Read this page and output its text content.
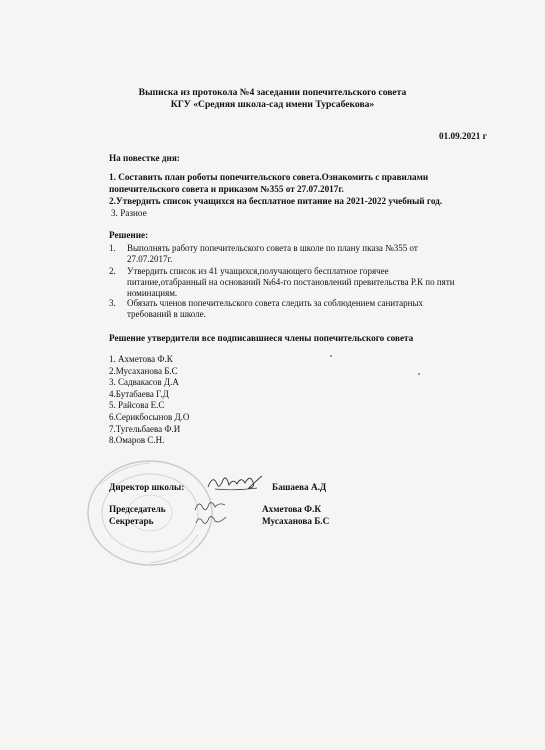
Выписка из протокола №4 заседании попечительского совета
КГУ «Средняя школа-сад имени Турсабекова»
01.09.2021 г
На повестке дня:
1. Составить план роботы попечительского совета.Ознакомить с правилами
попечительского совета и приказом №355 от 27.07.2017г.
2.Утвердить список учащихся на бесплатное питание на 2021-2022 учебный год.
3. Разное
Решение:
1. Выполнять работу попечительского совета в школе по плану пказа №355 от
27.07.2017г.
2. Утвердить список из 41 учащихся,получающего бесплатное горячее
питание,отабранный на оснований №64-го постановлений превительства Р.К по пяти
номинациям.
3. Обязать членов попечительского совета следить за соблюдением санитарных
требований в школе.
Решение утвердители все подписавшиеся члены попечительского совета
1. Ахметова Ф.К
2.Мусаханова Б.С
3. Садвакасов Д.А
4.Бутабаева Г.Д
5. Райсова Е.С
6.Серикбосынов Д.О
7.Тугельбаева Ф.И
8.Омаров С.Н.
Директор школы:	Башаева А.Д
Председатель	Ахметова Ф.К
Секретарь	Мусаханова Б.С
